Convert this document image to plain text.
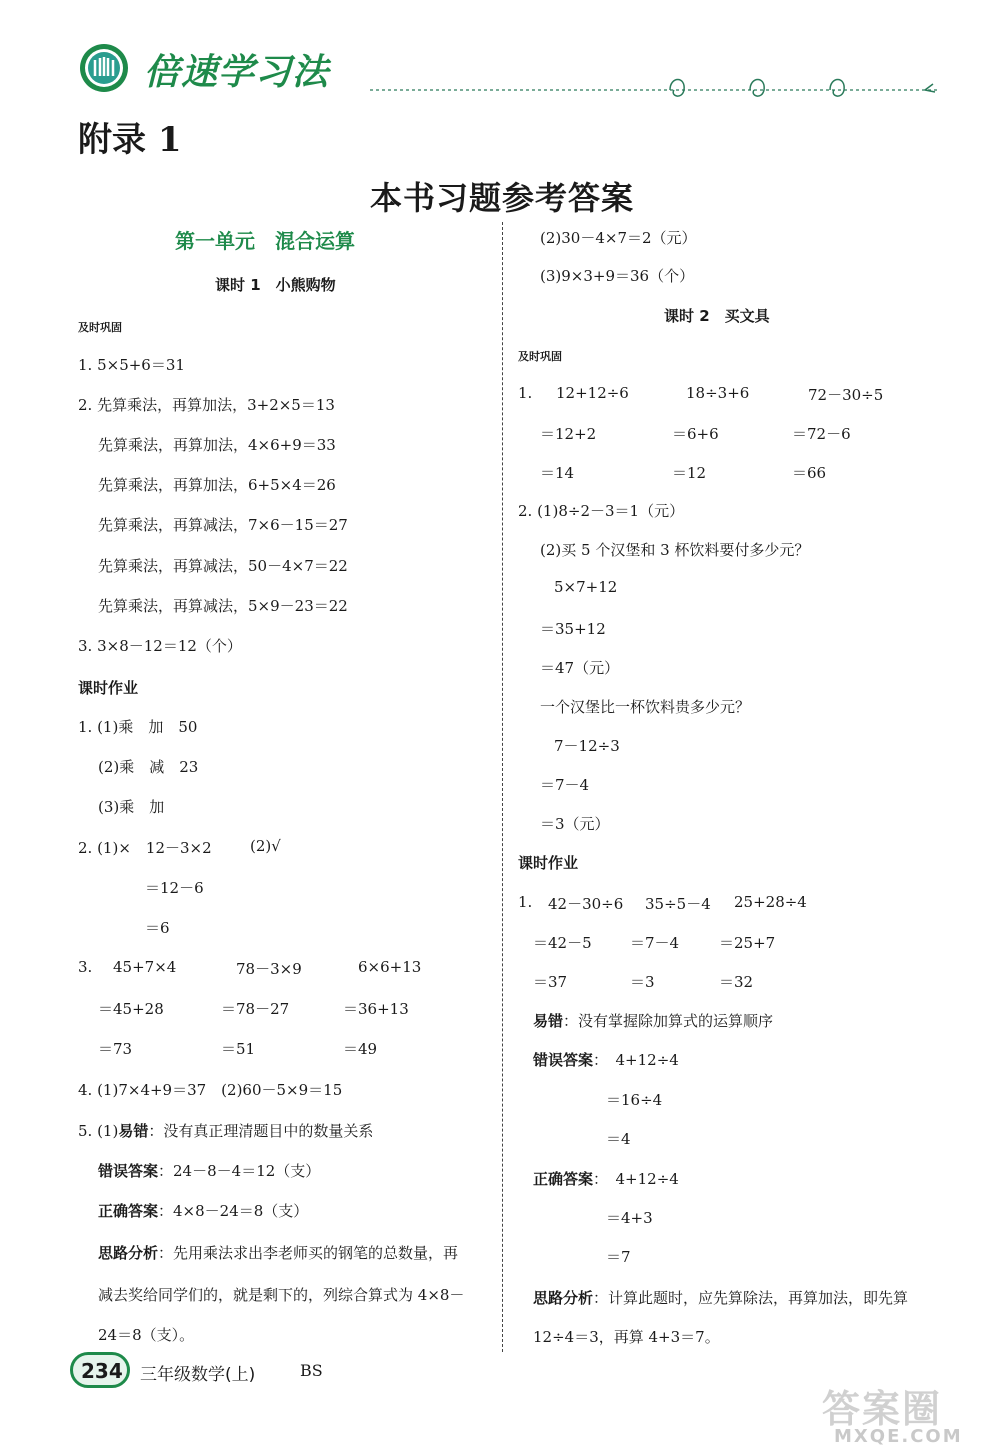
倍速学习法
附录 1
本书习题参考答案
第一单元　混合运算
课时 1　小熊购物
及时巩固
1. 5×5+6＝31
2. 先算乘法，再算加法，3+2×5＝13
先算乘法，再算加法，4×6+9＝33
先算乘法，再算加法，6+5×4＝26
先算乘法，再算减法，7×6－15＝27
先算乘法，再算减法，50－4×7＝22
先算乘法，再算减法，5×9－23＝22
3. 3×8－12＝12（个）
课时作业
1. (1)乘　加　50
(2)乘　减　23
(3)乘　加
2. (1)×　12－3×2	(2)√
＝12－6
＝6
3. 45+7×4	78－3×9	6×6+13
＝45+28	＝78－27	＝36+13
＝73	＝51	＝49
4. (1)7×4+9＝37　(2)60－5×9＝15
5. (1)易错：没有真正理清题目中的数量关系
错误答案：24－8－4＝12（支）
正确答案：4×8－24＝8（支）
思路分析：先用乘法求出李老师买的钢笔的总数量，再
减去奖给同学们的，就是剩下的，列综合算式为 4×8－
24＝8（支）。
(2)30－4×7＝2（元）
(3)9×3+9＝36（个）
课时 2　买文具
及时巩固
1. 12+12÷6	18÷3+6	72－30÷5
＝12+2	＝6+6	＝72－6
＝14	＝12	＝66
2. (1)8÷2－3＝1（元）
(2)买 5 个汉堡和 3 杯饮料要付多少元？
5×7+12
＝35+12
＝47（元）
一个汉堡比一杯饮料贵多少元？
7－12÷3
＝7－4
＝3（元）
课时作业
1. 42－30÷6 35÷5－4 25+28÷4
＝42－5	＝7－4	＝25+7
＝37	＝3	＝32
易错：没有掌握除加算式的运算顺序
错误答案：　4+12÷4
＝16÷4
＝4
正确答案：　4+12÷4
＝4+3
＝7
思路分析：计算此题时，应先算除法，再算加法，即先算
12÷4＝3，再算 4+3＝7。
234 三年级数学(上)	BS
答案圈
MXQE.COM
